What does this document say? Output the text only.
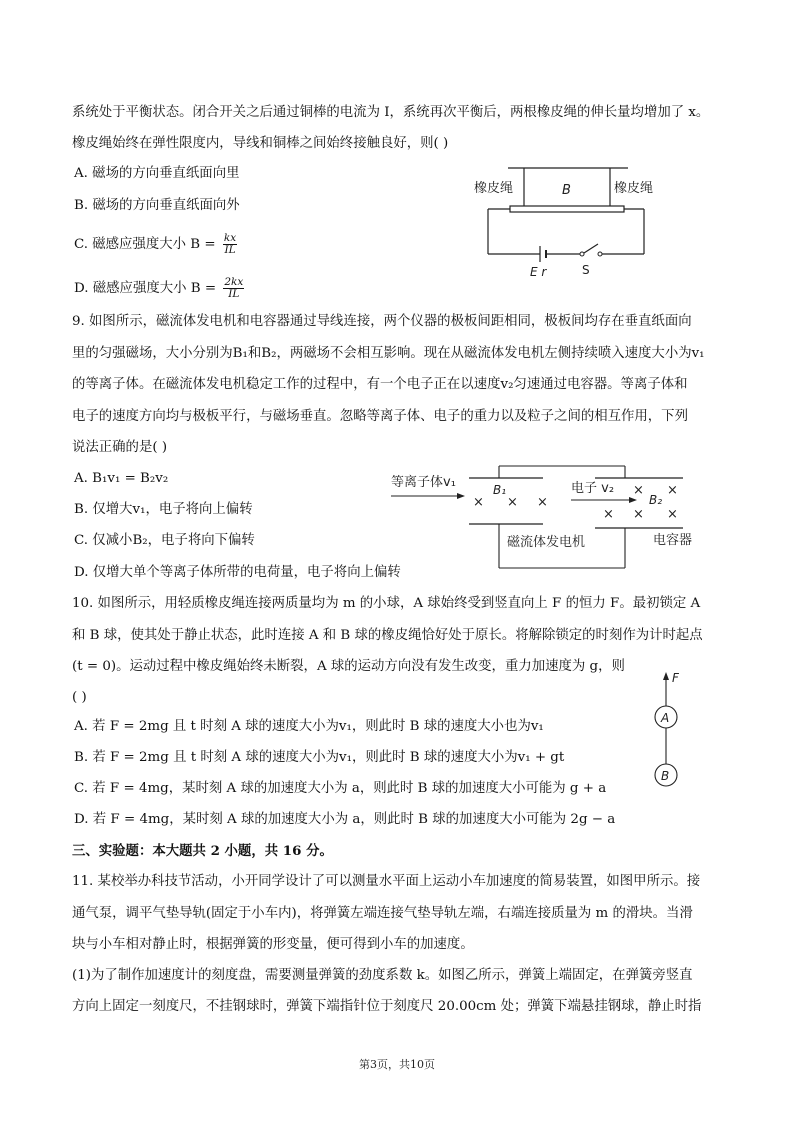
系统处于平衡状态。闭合开关之后通过铜棒的电流为 I，系统再次平衡后，两根橡皮绳的伸长量均增加了 x。
橡皮绳始终在弹性限度内，导线和铜棒之间始终接触良好，则( )
A. 磁场的方向垂直纸面向里
B. 磁场的方向垂直纸面向外
C. 磁感应强度大小 $B = \frac{kx}{IL}$
D. 磁感应强度大小 $B = \frac{2kx}{IL}$
橡皮绳	橡皮绳
B
E r	S
9. 如图所示，磁流体发电机和电容器通过导线连接，两个仪器的极板间距相同，极板间均存在垂直纸面向
里的匀强磁场，大小分别为B₁和B₂，两磁场不会相互影响。现在从磁流体发电机左侧持续喷入速度大小为v₁
的等离子体。在磁流体发电机稳定工作的过程中，有一个电子正在以速度v₂匀速通过电容器。等离子体和
电子的速度方向均与极板平行，与磁场垂直。忽略等离子体、电子的重力以及粒子之间的相互作用，下列
说法正确的是( )
A. B₁v₁ = B₂v₂
B. 仅增大v₁，电子将向上偏转
C. 仅减小B₂，电子将向下偏转
D. 仅增大单个等离子体所带的电荷量，电子将向上偏转
等离子体v₁	B₁
× × ×
磁流体发电机
电子 v₂
B₂
× ×
× × ×
电容器
10. 如图所示，用轻质橡皮绳连接两质量均为 m 的小球，A 球始终受到竖直向上 F 的恒力 F。最初锁定 A
和 B 球，使其处于静止状态，此时连接 A 和 B 球的橡皮绳恰好处于原长。将解除锁定的时刻作为计时起点
(t = 0)。运动过程中橡皮绳始终未断裂，A 球的运动方向没有发生改变，重力加速度为 g，则
( )
A. 若 F = 2mg 且 t 时刻 A 球的速度大小为v₁，则此时 B 球的速度大小也为v₁
B. 若 F = 2mg 且 t 时刻 A 球的速度大小为v₁，则此时 B 球的速度大小为v₁ + gt
C. 若 F = 4mg，某时刻 A 球的加速度大小为 a，则此时 B 球的加速度大小可能为 g + a
D. 若 F = 4mg，某时刻 A 球的加速度大小为 a，则此时 B 球的加速度大小可能为 2g − a
F
A
B
三、实验题：本大题共 2 小题，共 16 分。
11. 某校举办科技节活动，小开同学设计了可以测量水平面上运动小车加速度的简易装置，如图甲所示。接
通气泵，调平气垫导轨(固定于小车内)，将弹簧左端连接气垫导轨左端，右端连接质量为 m 的滑块。当滑
块与小车相对静止时，根据弹簧的形变量，便可得到小车的加速度。
(1)为了制作加速度计的刻度盘，需要测量弹簧的劲度系数 k。如图乙所示，弹簧上端固定，在弹簧旁竖直
方向上固定一刻度尺，不挂钢球时，弹簧下端指针位于刻度尺 20.00cm 处；弹簧下端悬挂钢球，静止时指
第3页，共10页
